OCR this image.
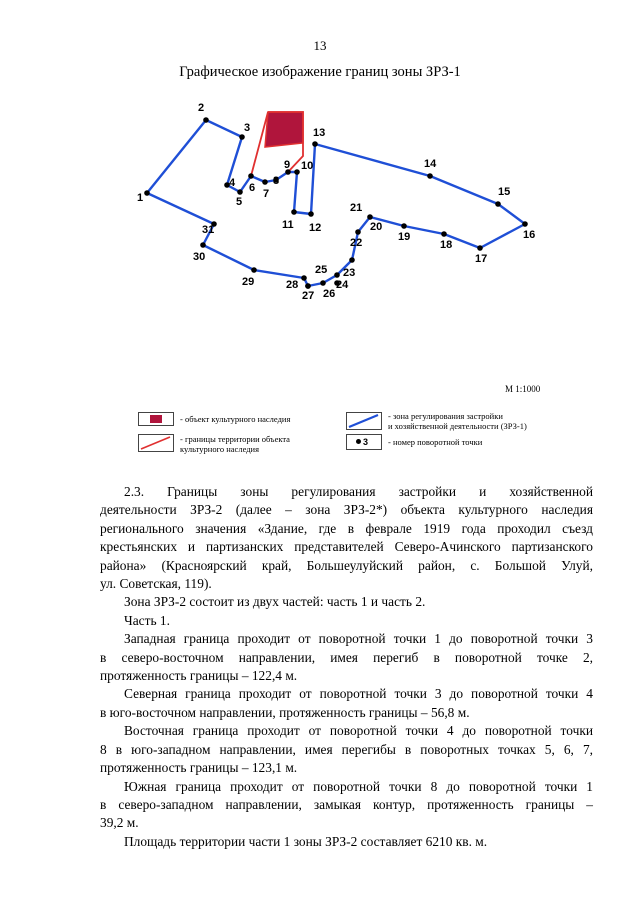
13
Графическое изображение границ зоны ЗРЗ-1
1
2
3
4
5
6 7
8
9 10
11 12
13
14
15
16
17
18
19
20
21
22
23
24
25
26
27
28
29
30
31
М 1:1000
- объект культурного наследия
- границы территории объекта
культурного наследия
- зона регулирования застройки
и хозяйственной деятельности (ЗРЗ-1)
3 - номер поворотной точки
2.3. Границы зоны регулирования застройки и хозяйственной
деятельности ЗРЗ-2 (далее – зона ЗРЗ-2*) объекта культурного наследия
регионального значения «Здание, где в феврале 1919 года проходил съезд
крестьянских и партизанских представителей Северо-Ачинского партизанского
района» (Красноярский край, Большеулуйский район, с. Большой Улуй,
ул. Советская, 119).
Зона ЗРЗ-2 состоит из двух частей: часть 1 и часть 2.
Часть 1.
Западная граница проходит от поворотной точки 1 до поворотной точки 3
в северо-восточном направлении, имея перегиб в поворотной точке 2,
протяженность границы – 122,4 м.
Северная граница проходит от поворотной точки 3 до поворотной точки 4
в юго-восточном направлении, протяженность границы – 56,8 м.
Восточная граница проходит от поворотной точки 4 до поворотной точки
8 в юго-западном направлении, имея перегибы в поворотных точках 5, 6, 7,
протяженность границы – 123,1 м.
Южная граница проходит от поворотной точки 8 до поворотной точки 1
в северо-западном направлении, замыкая контур, протяженность границы –
39,2 м.
Площадь территории части 1 зоны ЗРЗ-2 составляет 6210 кв. м.
